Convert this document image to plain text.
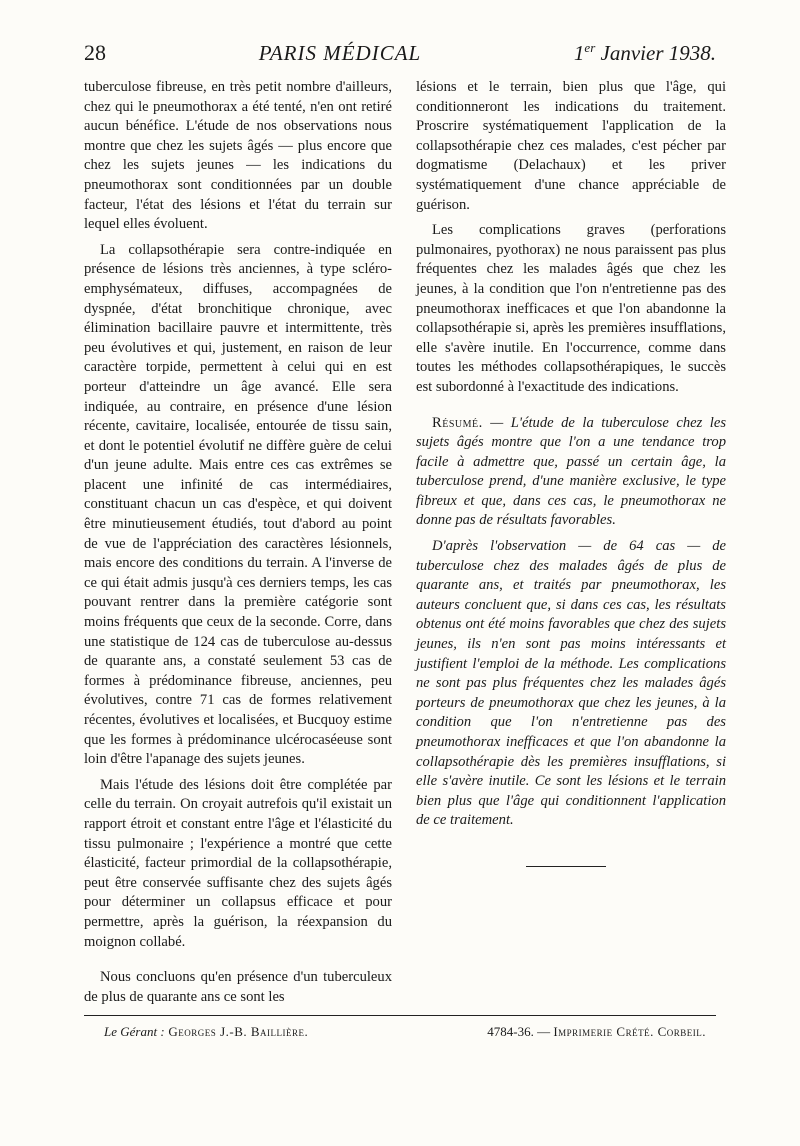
28	PARIS MÉDICAL	1er Janvier 1938.

tuberculose fibreuse, en très petit nombre d'ailleurs, chez qui le pneumothorax a été tenté, n'en ont retiré aucun bénéfice. L'étude de nos observations nous montre que chez les sujets âgés — plus encore que chez les sujets jeunes — les indications du pneumothorax sont conditionnées par un double facteur, l'état des lésions et l'état du terrain sur lequel elles évoluent.

La collapsothérapie sera contre-indiquée en présence de lésions très anciennes, à type scléro-emphysémateux, diffuses, accompagnées de dyspnée, d'état bronchitique chronique, avec élimination bacillaire pauvre et intermittente, très peu évolutives et qui, justement, en raison de leur caractère torpide, permettent à celui qui en est porteur d'atteindre un âge avancé. Elle sera indiquée, au contraire, en présence d'une lésion récente, cavitaire, localisée, entourée de tissu sain, et dont le potentiel évolutif ne diffère guère de celui d'un jeune adulte. Mais entre ces cas extrêmes se placent une infinité de cas intermédiaires, constituant chacun un cas d'espèce, et qui doivent être minutieusement étudiés, tout d'abord au point de vue de l'appréciation des caractères lésionnels, mais encore des conditions du terrain. A l'inverse de ce qui était admis jusqu'à ces derniers temps, les cas pouvant rentrer dans la première catégorie sont moins fréquents que ceux de la seconde. Corre, dans une statistique de 124 cas de tuberculose au-dessus de quarante ans, a constaté seulement 53 cas de formes à prédominance fibreuse, anciennes, peu évolutives, contre 71 cas de formes relativement récentes, évolutives et localisées, et Bucquoy estime que les formes à prédominance ulcérocaséeuse sont loin d'être l'apanage des sujets jeunes.

Mais l'étude des lésions doit être complétée par celle du terrain. On croyait autrefois qu'il existait un rapport étroit et constant entre l'âge et l'élasticité du tissu pulmonaire ; l'expérience a montré que cette élasticité, facteur primordial de la collapsothérapie, peut être conservée suffisante chez des sujets âgés pour déterminer un collapsus efficace et pour permettre, après la guérison, la réexpansion du moignon collabé.

Nous concluons qu'en présence d'un tuberculeux de plus de quarante ans ce sont les

lésions et le terrain, bien plus que l'âge, qui conditionneront les indications du traitement. Proscrire systématiquement l'application de la collapsothérapie chez ces malades, c'est pécher par dogmatisme (Delachaux) et les priver systématiquement d'une chance appréciable de guérison.

Les complications graves (perforations pulmonaires, pyothorax) ne nous paraissent pas plus fréquentes chez les malades âgés que chez les jeunes, à la condition que l'on n'entretienne pas des pneumothorax inefficaces et que l'on abandonne la collapsothérapie si, après les premières insufflations, elle s'avère inutile. En l'occurrence, comme dans toutes les méthodes collapsothérapiques, le succès est subordonné à l'exactitude des indications.

Résumé. — L'étude de la tuberculose chez les sujets âgés montre que l'on a une tendance trop facile à admettre que, passé un certain âge, la tuberculose prend, d'une manière exclusive, le type fibreux et que, dans ces cas, le pneumothorax ne donne pas de résultats favorables.

D'après l'observation — de 64 cas — de tuberculose chez des malades âgés de plus de quarante ans, et traités par pneumothorax, les auteurs concluent que, si dans ces cas, les résultats obtenus ont été moins favorables que chez des sujets jeunes, ils n'en sont pas moins intéressants et justifient l'emploi de la méthode. Les complications ne sont pas plus fréquentes chez les malades âgés porteurs de pneumothorax que chez les jeunes, à la condition que l'on n'entretienne pas des pneumothorax inefficaces et que l'on abandonne la collapsothérapie dès les premières insufflations, si elle s'avère inutile. Ce sont les lésions et le terrain bien plus que l'âge qui conditionnent l'application de ce traitement.

Le Gérant : Georges J.-B. Baillière.	4784-36. — Imprimerie Crété. Corbeil.
